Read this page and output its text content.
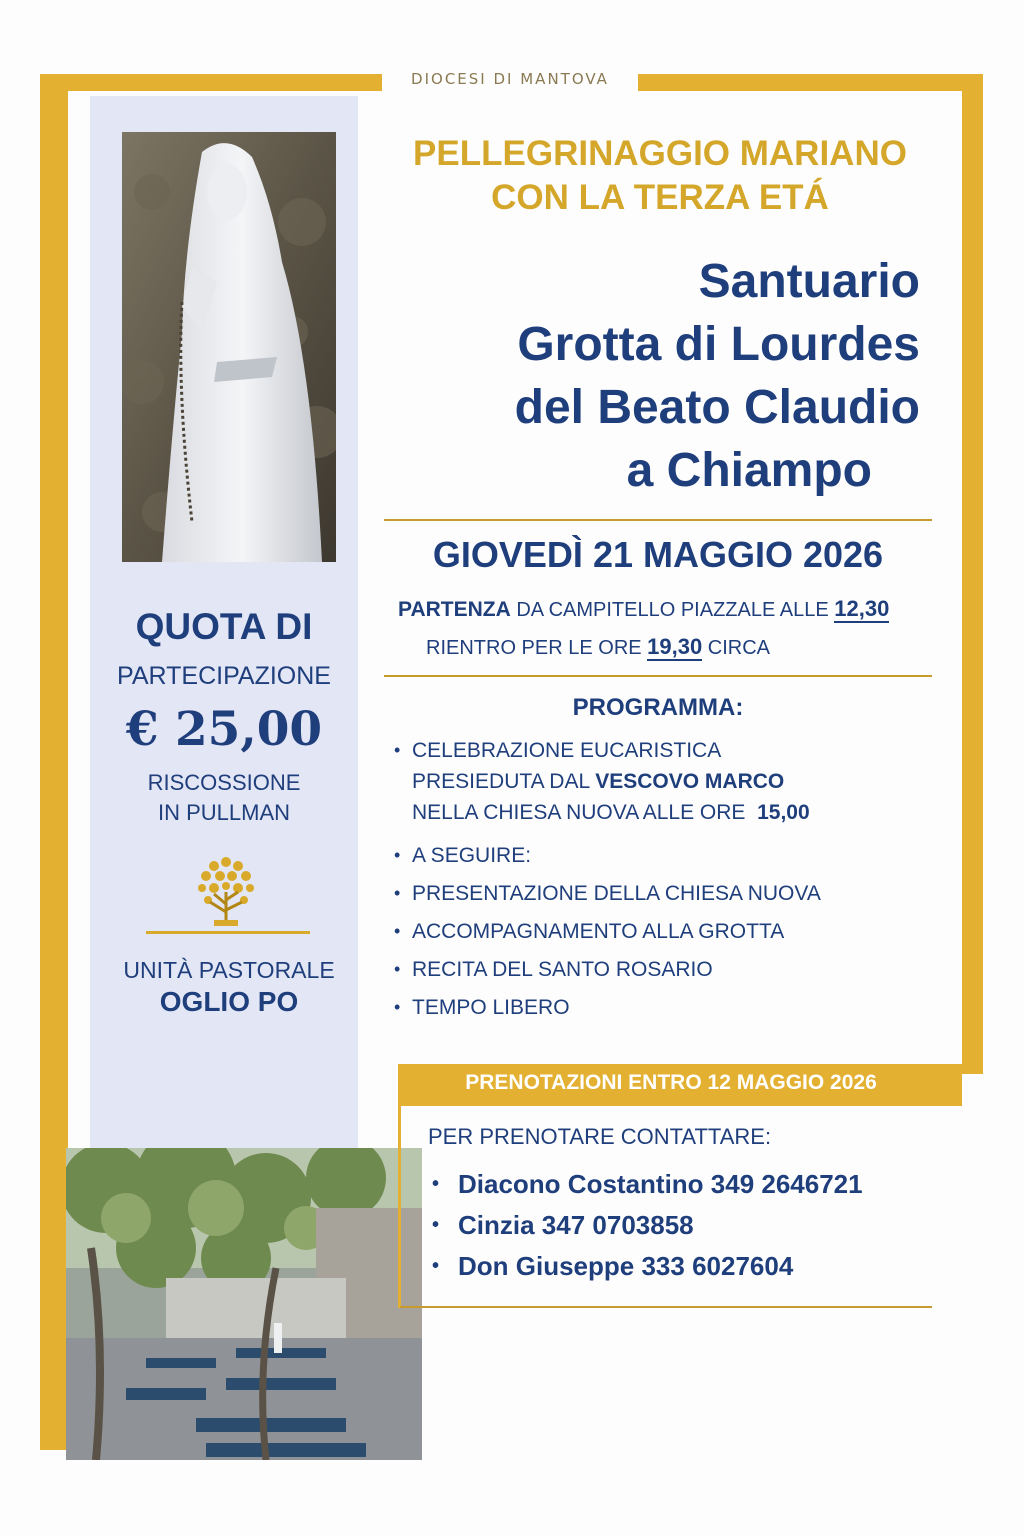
DIOCESI DI MANTOVA
QUOTA DI
PARTECIPAZIONE
€ 25,00
RISCOSSIONE
IN PULLMAN
UNITÀ PASTORALE
OGLIO PO
PELLEGRINAGGIO MARIANO
CON LA TERZA ETÁ
Santuario
Grotta di Lourdes
del Beato Claudio
a Chiampo
GIOVEDÌ 21 MAGGIO 2026
PARTENZA DA CAMPITELLO PIAZZALE ALLE 12,30
RIENTRO PER LE ORE 19,30 CIRCA
PROGRAMMA:
• CELEBRAZIONE EUCARISTICA
PRESIEDUTA DAL VESCOVO MARCO
NELLA CHIESA NUOVA ALLE ORE 15,00
• A SEGUIRE:
• PRESENTAZIONE DELLA CHIESA NUOVA
• ACCOMPAGNAMENTO ALLA GROTTA
• RECITA DEL SANTO ROSARIO
• TEMPO LIBERO
PRENOTAZIONI ENTRO 12 MAGGIO 2026
PER PRENOTARE CONTATTARE:
• Diacono Costantino 349 2646721
• Cinzia 347 0703858
• Don Giuseppe 333 6027604
